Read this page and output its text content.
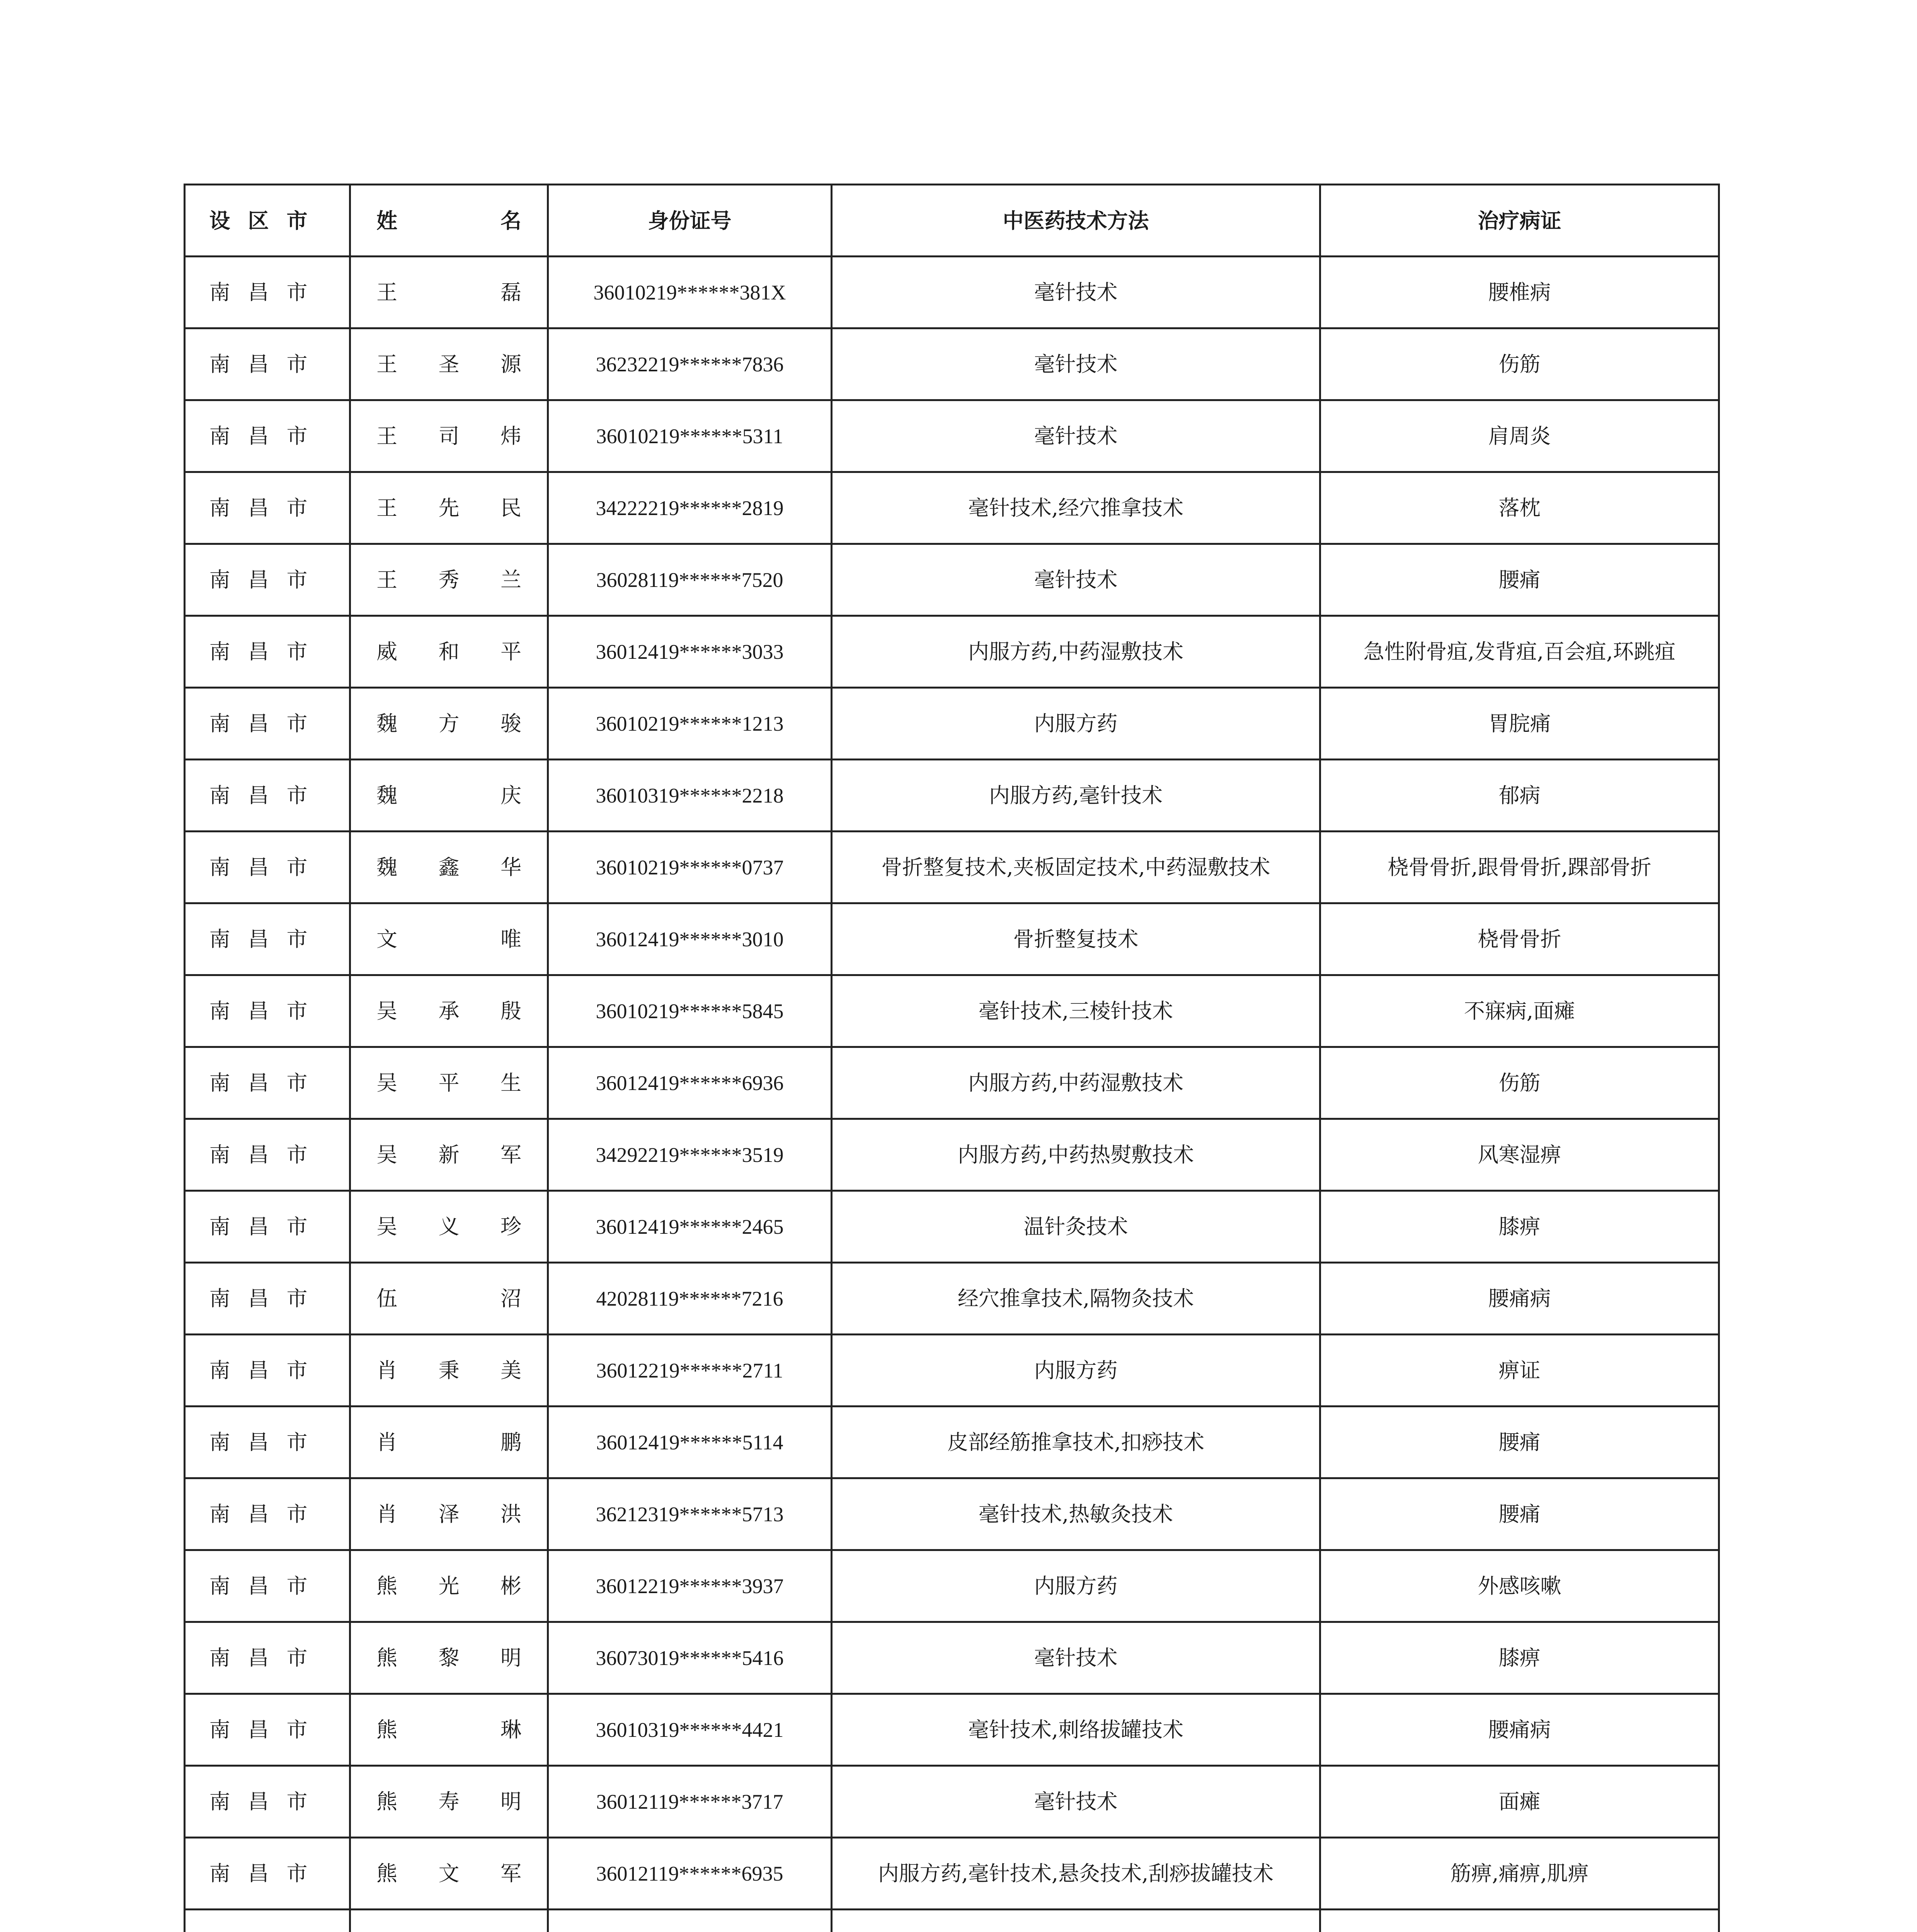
设区市	姓 名	身份证号	中医药技术方法	治疗病证
南昌市	王 磊	36010219******381X	毫针技术	腰椎病
南昌市	王 圣 源	36232219******7836	毫针技术	伤筋
南昌市	王 司 炜	36010219******5311	毫针技术	肩周炎
南昌市	王 先 民	34222219******2819	毫针技术,经穴推拿技术	落枕
南昌市	王 秀 兰	36028119******7520	毫针技术	腰痛
南昌市	威 和 平	36012419******3033	内服方药,中药湿敷技术	急性附骨疽,发背疽,百会疽,环跳疽
南昌市	魏 方 骏	36010219******1213	内服方药	胃脘痛
南昌市	魏 庆	36010319******2218	内服方药,毫针技术	郁病
南昌市	魏 鑫 华	36010219******0737	骨折整复技术,夹板固定技术,中药湿敷技术	桡骨骨折,跟骨骨折,踝部骨折
南昌市	文 唯	36012419******3010	骨折整复技术	桡骨骨折
南昌市	吴 承 殷	36010219******5845	毫针技术,三棱针技术	不寐病,面瘫
南昌市	吴 平 生	36012419******6936	内服方药,中药湿敷技术	伤筋
南昌市	吴 新 军	34292219******3519	内服方药,中药热熨敷技术	风寒湿痹
南昌市	吴 义 珍	36012419******2465	温针灸技术	膝痹
南昌市	伍 沼	42028119******7216	经穴推拿技术,隔物灸技术	腰痛病
南昌市	肖 秉 美	36012219******2711	内服方药	痹证
南昌市	肖 鹏	36012419******5114	皮部经筋推拿技术,扣痧技术	腰痛
南昌市	肖 泽 洪	36212319******5713	毫针技术,热敏灸技术	腰痛
南昌市	熊 光 彬	36012219******3937	内服方药	外感咳嗽
南昌市	熊 黎 明	36073019******5416	毫针技术	膝痹
南昌市	熊 琳	36010319******4421	毫针技术,刺络拔罐技术	腰痛病
南昌市	熊 寿 明	36012119******3717	毫针技术	面瘫
南昌市	熊 文 军	36012119******6935	内服方药,毫针技术,悬灸技术,刮痧拔罐技术	筋痹,痛痹,肌痹
